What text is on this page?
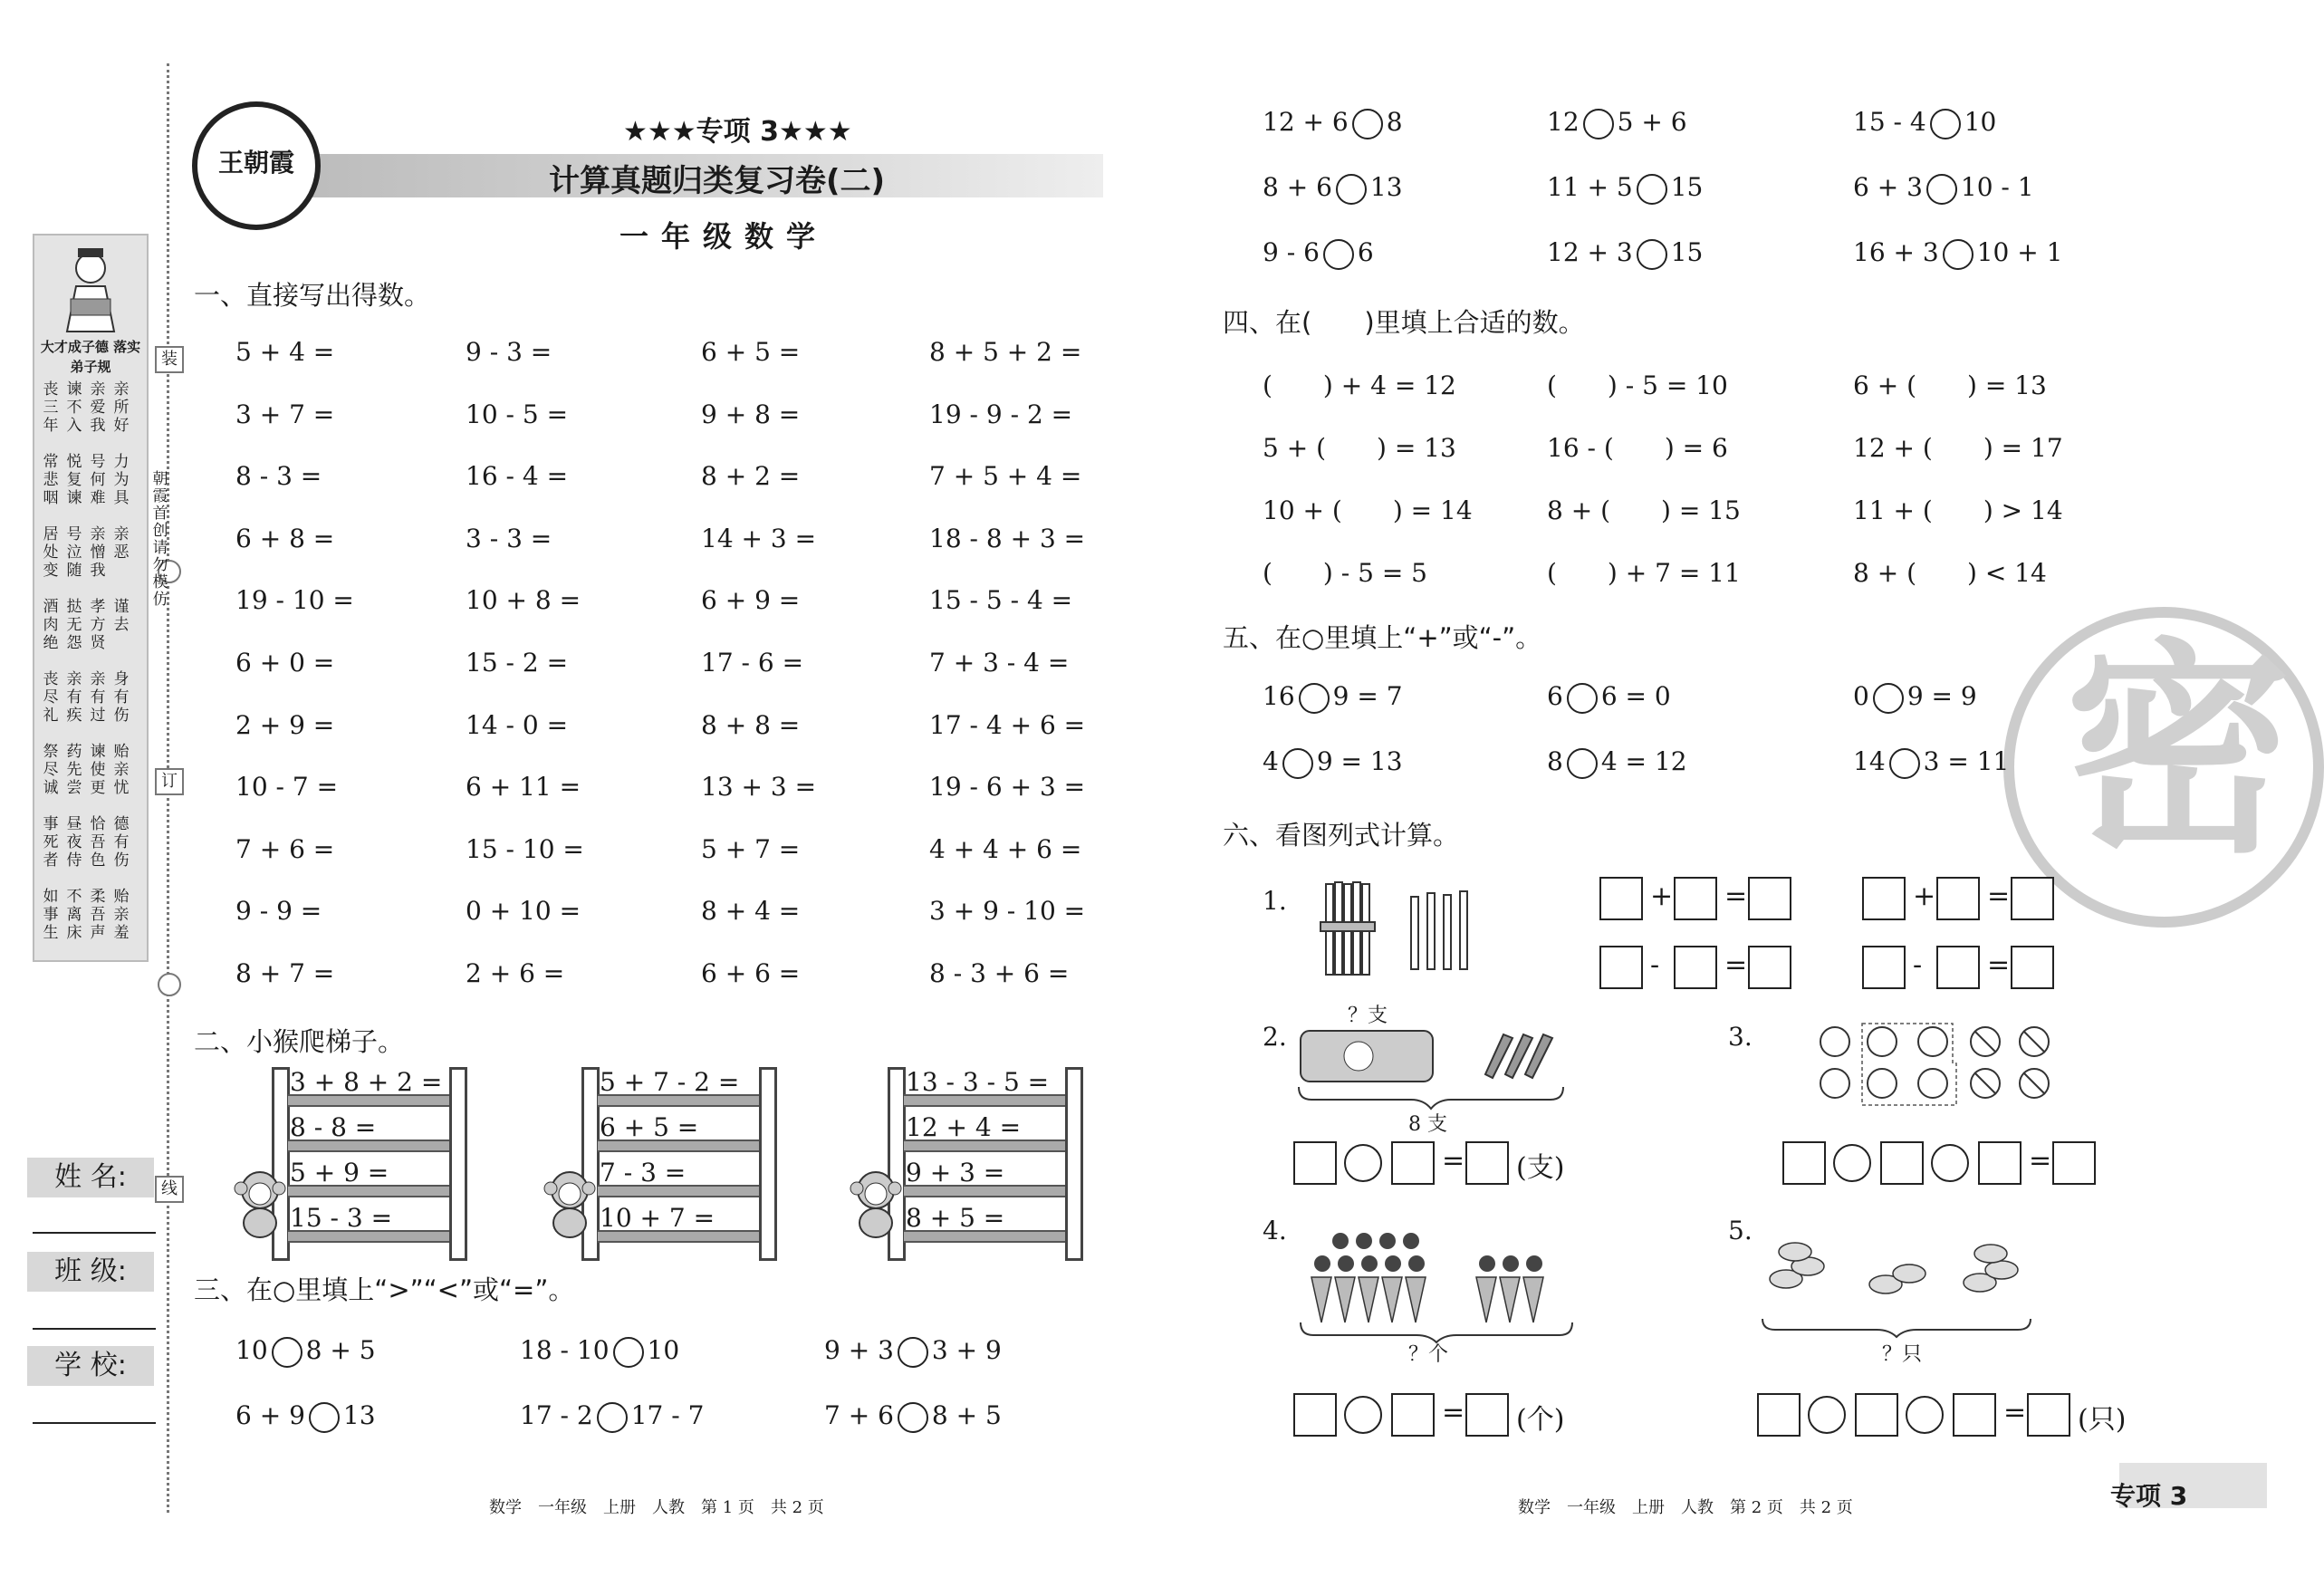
装
订
线
大才成子德 落实弟子规
丧三年
谏不入
亲爱我
亲所好
常悲咽
悦复谏
号何难
力为具
居处变
号泣随
亲憎我
亲恶
酒肉绝
挞无怨
孝方贤
谨去
丧尽礼
亲有疾
亲有过
身有伤
祭尽诚
药先尝
谏使更
贻亲忧
事死者
昼夜侍
恰吾色
德有伤
如事生
不离床
柔吾声
贻亲羞
朝霞首创 请勿模仿
姓 名:
班 级:
学 校:
王朝霞
★★★专项 3★★★
计算真题归类复习卷(二)
一年级数学
一、直接写出得数。
二、小猴爬梯子。
三、在○里填上“>”“<”或“=”。
密
四、在(　　)里填上合适的数。
五、在○里填上“+”或“-”。
六、看图列式计算。
1.
2.
？支
8 支
3.
4.
？个
5.
？只
数学　一年级　上册　人教　第 1 页　共 2 页	数学　一年级　上册　人教　第 2 页　共 2 页	专项 3
5 + 4 =	9 - 3 =	6 + 5 =	8 + 5 + 2 =
3 + 7 =	10 - 5 =	9 + 8 =	19 - 9 - 2 =
8 - 3 =	16 - 4 =	8 + 2 =	7 + 5 + 4 =
6 + 8 =	3 - 3 =	14 + 3 =	18 - 8 + 3 =
19 - 10 =	10 + 8 =	6 + 9 =	15 - 5 - 4 =
6 + 0 =	15 - 2 =	17 - 6 =	7 + 3 - 4 =
2 + 9 =	14 - 0 =	8 + 8 =	17 - 4 + 6 =
10 - 7 =	6 + 11 =	13 + 3 =	19 - 6 + 3 =
7 + 6 =	15 - 10 =	5 + 7 =	4 + 4 + 6 =
9 - 9 =	0 + 10 =	8 + 4 =	3 + 9 - 10 =
8 + 7 =	2 + 6 =	6 + 6 =	8 - 3 + 6 =
3 + 8 + 2 =
8 - 8 =
5 + 9 =
15 - 3 =
5 + 7 - 2 =
6 + 5 =
7 - 3 =
10 + 7 =
13 - 3 - 5 =
12 + 4 =
9 + 3 =
8 + 5 =
10 8 + 5	18 - 10 10	9 + 3 3 + 9
6 + 9 13	17 - 2 17 - 7	7 + 6 8 + 5
12 + 6 8	12 5 + 6	15 - 4 10
8 + 6 13	11 + 5 15	6 + 3 10 - 1
9 - 6 6	12 + 3 15	16 + 3 10 + 1
16 9 = 7	6 6 = 0	0 9 = 9
4 9 = 13	8 4 = 12	14 3 = 11
(　　) + 4 = 12	(　　) - 5 = 10	6 + (　　) = 13
5 + (　　) = 13	16 - (　　) = 6	12 + (　　) = 17
10 + (　　) = 14	8 + (　　) = 15	11 + (　　) > 14
(　　) - 5 = 5	(　　) + 7 = 11	8 + (　　) < 14
+ =	+ =
- =	- =
= (支)	=
= (个)	= (只)
